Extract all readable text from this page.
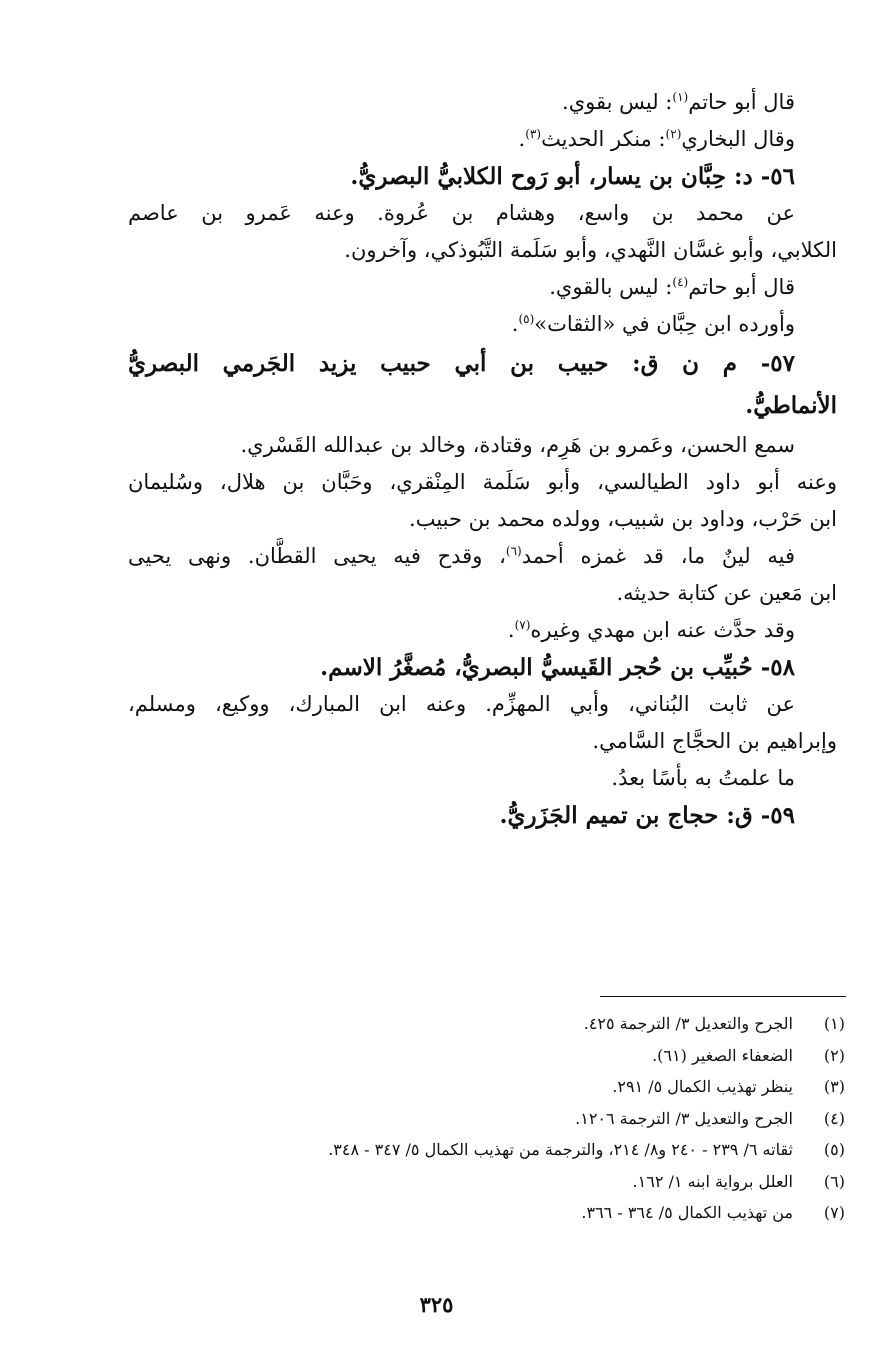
قال أبو حاتم$^{(١)}$: ليس بقوي.
وقال البخاري$^{(٢)}$: منكر الحديث$^{(٣)}$.
٥٦- د: حِبَّان بن يسار، أبو رَوح الكلابيُّ البصريُّ.
عن محمد بن واسع، وهشام بن عُروة. وعنه عَمرو بن عاصم
الكلابي، وأبو غسَّان النَّهدي، وأبو سَلَمة التَّبُوذكي، وآخرون.
قال أبو حاتم$^{(٤)}$: ليس بالقوي.
وأورده ابن حِبَّان في «الثقات»$^{(٥)}$.
٥٧- م ن ق: حبيب بن أبي حبيب يزيد الجَرمي البصريُّ
الأنماطيُّ.
سمع الحسن، وعَمرو بن هَرِم، وقتادة، وخالد بن عبدالله القَسْري.
وعنه أبو داود الطيالسي، وأبو سَلَمة المِنْقري، وحَبَّان بن هلال، وسُليمان
ابن حَرْب، وداود بن شبيب، وولده محمد بن حبيب.
فيه لينٌ ما، قد غمزه أحمد$^{(٦)}$، وقدح فيه يحيى القطَّان. ونهى يحيى
ابن مَعين عن كتابة حديثه.
وقد حدَّث عنه ابن مهدي وغيره$^{(٧)}$.
٥٨- حُبيِّب بن حُجر القَيسيُّ البصريُّ، مُصغَّرُ الاسم.
عن ثابت البُناني، وأبي المهزِّم. وعنه ابن المبارك، ووكيع، ومسلم،
وإبراهيم بن الحجَّاج السَّامي.
ما علمتُ به بأسًا بعدُ.
٥٩- ق: حجاج بن تميم الجَزَريُّ.
(١)
الجرح والتعديل ٣/ الترجمة ٤٢٥.
(٢)
الضعفاء الصغير (٦١).
(٣)
ينظر تهذيب الكمال ٥/ ٢٩١.
(٤)
الجرح والتعديل ٣/ الترجمة ١٢٠٦.
(٥)
ثقاته ٦/ ٢٣٩ - ٢٤٠ و٨/ ٢١٤، والترجمة من تهذيب الكمال ٥/ ٣٤٧ - ٣٤٨.
(٦)
العلل برواية ابنه ١/ ١٦٢.
(٧)
من تهذيب الكمال ٥/ ٣٦٤ - ٣٦٦.
٣٢٥
